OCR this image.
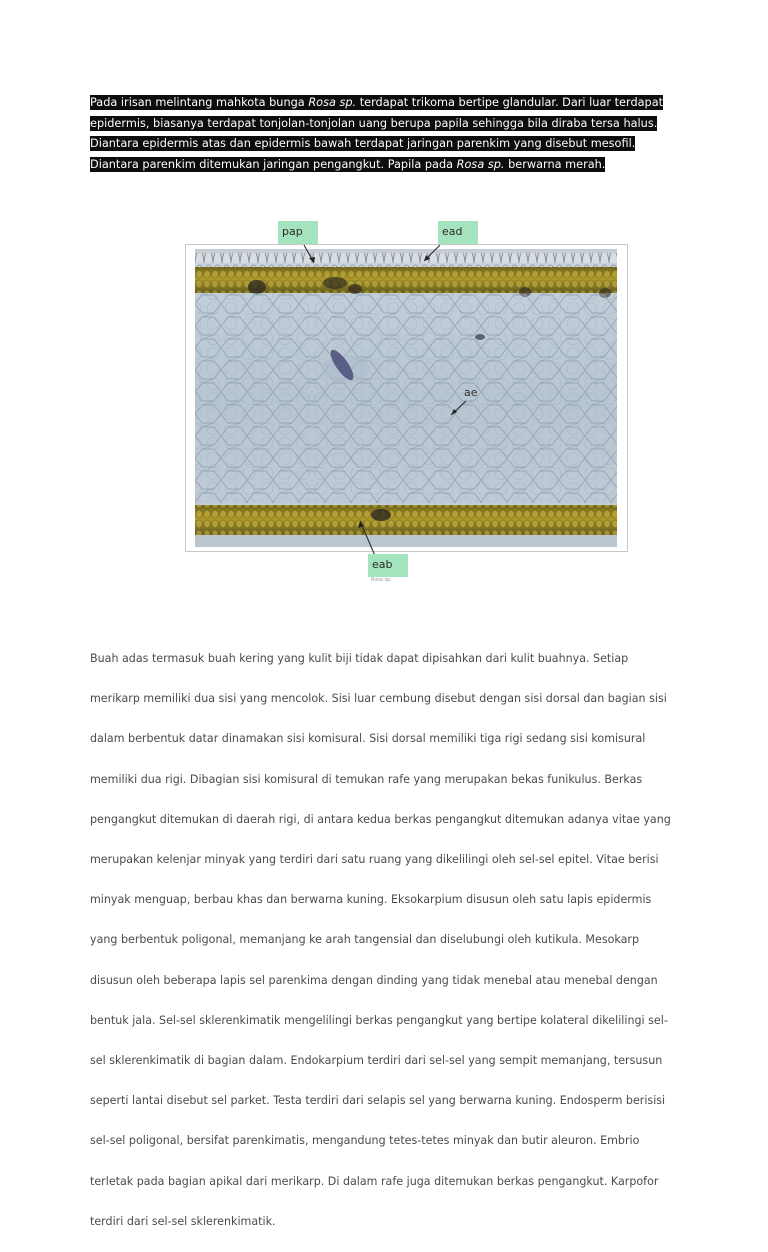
Pada irisan melintang mahkota bunga Rosa sp. terdapat trikoma bertipe glandular. Dari luar terdapat
epidermis, biasanya terdapat tonjolan-tonjolan uang berupa papila sehingga bila diraba tersa halus.
Diantara epidermis atas dan epidermis bawah terdapat jaringan parenkim yang disebut mesofil.
Diantara parenkim ditemukan jaringan pengangkut. Papila pada Rosa sp. berwarna merah.
ae
pap	ead
eab
Rosa sp.

Buah adas termasuk buah kering yang kulit biji tidak dapat dipisahkan dari kulit buahnya. Setiap

merikarp memiliki dua sisi yang mencolok. Sisi luar cembung disebut dengan sisi dorsal dan bagian sisi

dalam berbentuk datar dinamakan sisi komisural. Sisi dorsal memiliki tiga rigi sedang sisi komisural

memiliki dua rigi. Dibagian sisi komisural di temukan rafe yang merupakan bekas funikulus. Berkas

pengangkut ditemukan di daerah rigi, di antara kedua berkas pengangkut ditemukan adanya vitae yang

merupakan kelenjar minyak yang terdiri dari satu ruang yang dikelilingi oleh sel-sel epitel. Vitae berisi

minyak menguap, berbau khas dan berwarna kuning. Eksokarpium disusun oleh satu lapis epidermis

yang berbentuk poligonal, memanjang ke arah tangensial dan diselubungi oleh kutikula. Mesokarp

disusun oleh beberapa lapis sel parenkima dengan dinding yang tidak menebal atau menebal dengan

bentuk jala. Sel-sel sklerenkimatik mengelilingi berkas pengangkut yang bertipe kolateral dikelilingi sel-

sel sklerenkimatik di bagian dalam. Endokarpium terdiri dari sel-sel yang sempit memanjang, tersusun

seperti lantai disebut sel parket. Testa terdiri dari selapis sel yang berwarna kuning. Endosperm berisisi

sel-sel poligonal, bersifat parenkimatis, mengandung tetes-tetes minyak dan butir aleuron. Embrio

terletak pada bagian apikal dari merikarp. Di dalam rafe juga ditemukan berkas pengangkut. Karpofor

terdiri dari sel-sel sklerenkimatik.
